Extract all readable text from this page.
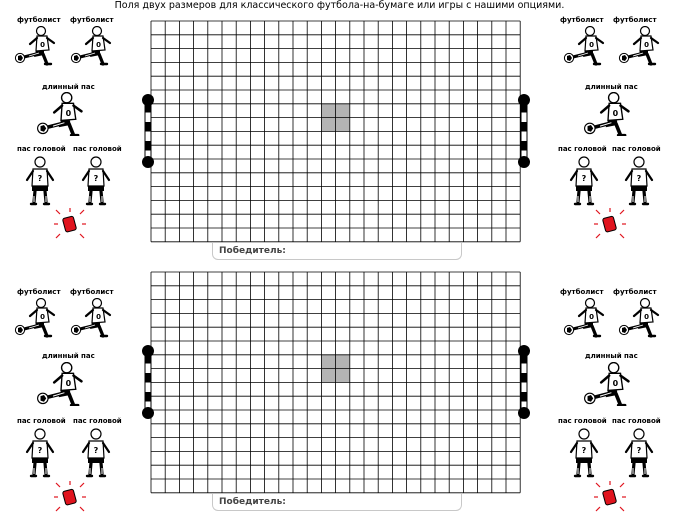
Поля двух размеров для классического футбола-на-бумаге или игры с нашими опциями.
Победитель:
футболист футболист
0	0
длинный пас
0
пас головой пас головой
?	?
футболист футболист
0	0
длинный пас
0
пас головой пас головой
?	?
Победитель:
футболист футболист
0	0
длинный пас
0
пас головой пас головой
?	?
футболист футболист
0	0
длинный пас
0
пас головой пас головой
?	?
